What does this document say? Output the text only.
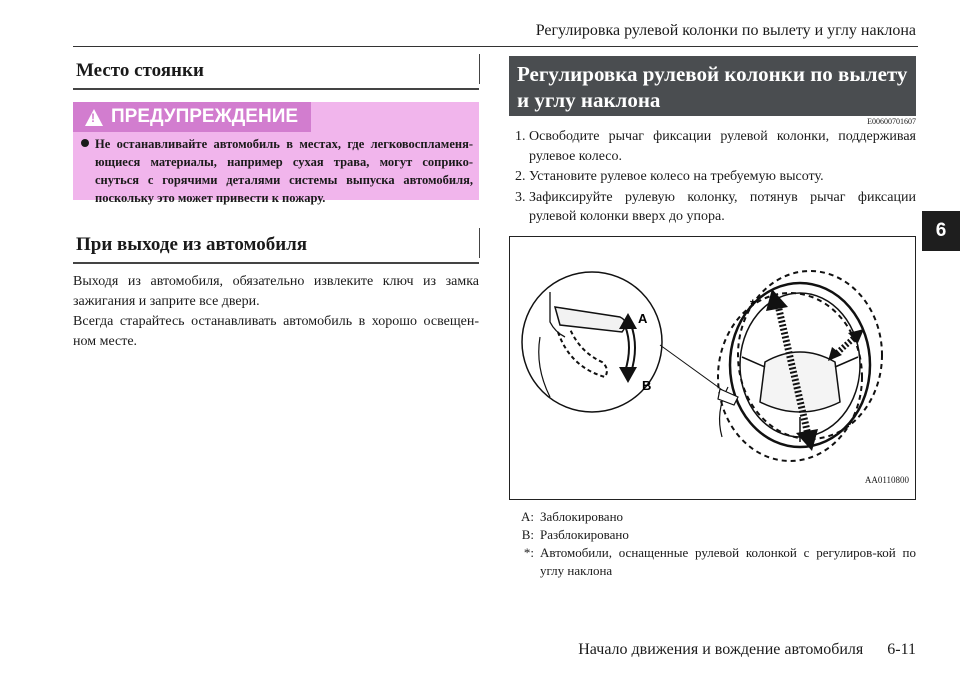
Регулировка рулевой колонки по вылету и углу наклона
6
Место стоянки
!
ПРЕДУПРЕЖДЕНИЕ
Не останавливайте автомобиль в местах, где легковоспламеня-ющиеся материалы, например сухая трава, могут соприко-снуться с горячими деталями системы выпуска автомобиля, поскольку это может привести к пожару.
При выходе из автомобиля

Выходя из автомобиля, обязательно извлеките ключ из замка зажигания и заприте все двери.

Всегда старайтесь останавливать автомобиль в хорошо освещен-ном месте.

Регулировка рулевой колонки по вылету и углу наклона
E00600701607
1. Освободите рычаг фиксации рулевой колонки, поддерживая рулевое колесо.
2. Установите рулевое колесо на требуемую высоту.
3. Зафиксируйте рулевую колонку, потянув рычаг фиксации рулевой колонки вверх до упора.
A
B
*
AA0110800
A: Заблокировано
B: Разблокировано
*: Автомобили, оснащенные рулевой колонкой с регулиров-кой по углу наклона
Начало движения и вождение автомобиля 6-11
